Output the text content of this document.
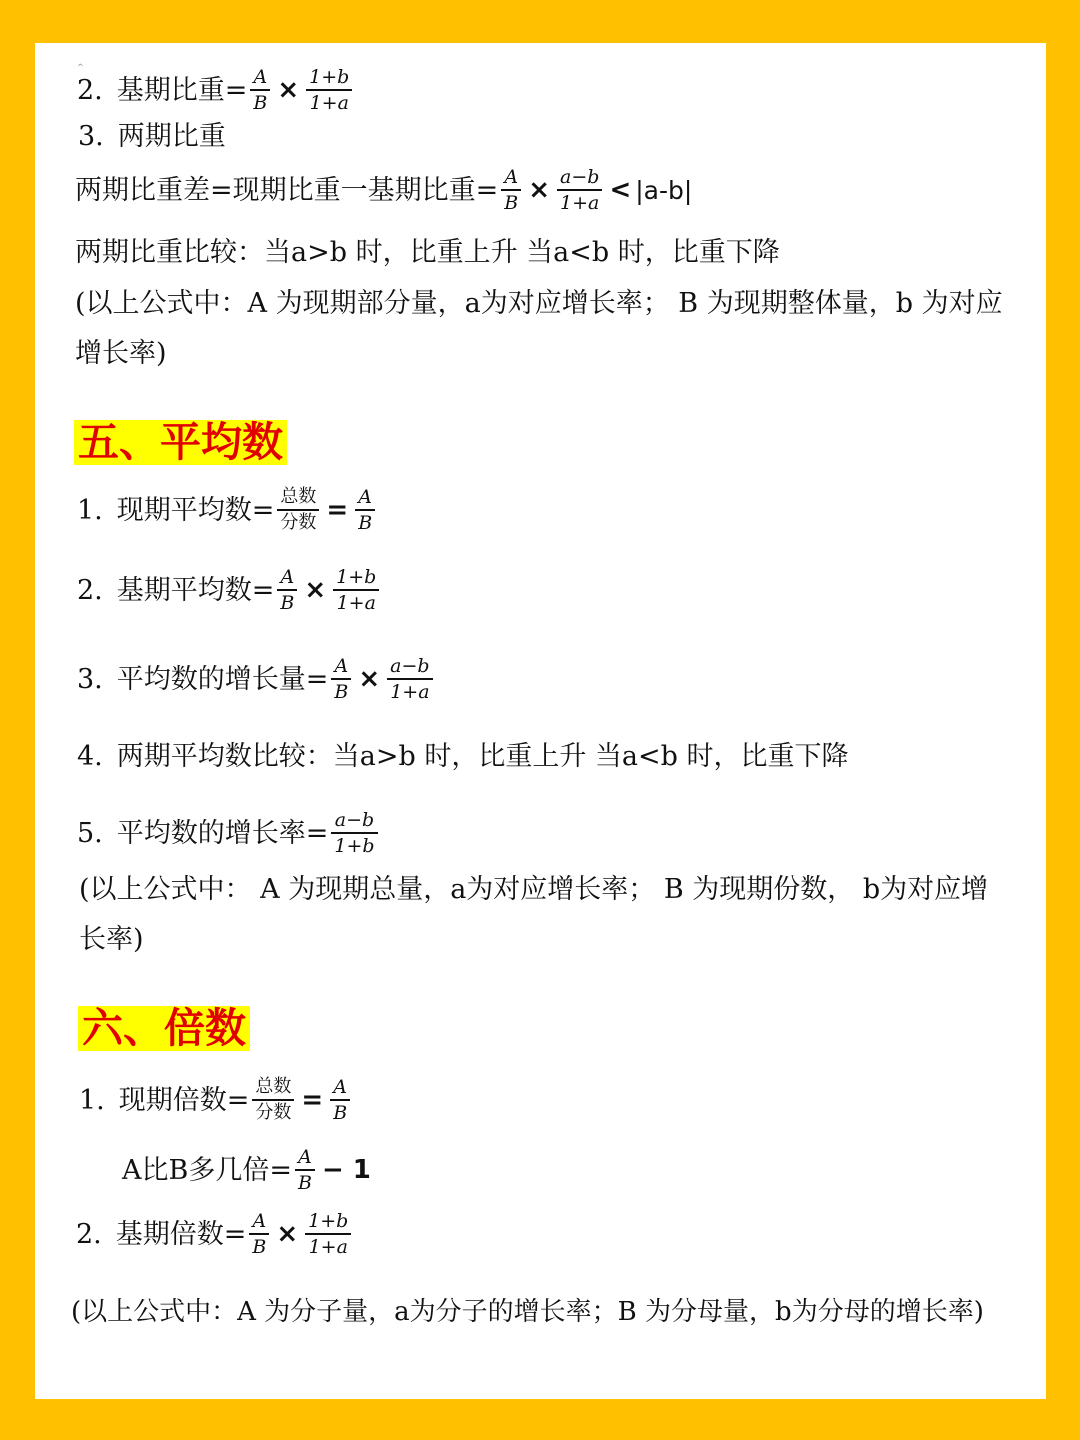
^
2. 基期比重= $\frac{A}{B} \times \frac{1+b}{1+a}$
3. 两期比重
两期比重差=现期比重一基期比重= $\frac{A}{B} \times \frac{a-b}{1+a} < |a-b|$
两期比重比较：当a>b 时，比重上升 当a<b 时，比重下降
(以上公式中：A 为现期部分量，a为对应增长率； B 为现期整体量，b 为对应增长率)
五、平均数
1. 现期平均数= $\frac{\text{总数}}{\text{分数}} = \frac{A}{B}$
2. 基期平均数= $\frac{A}{B} \times \frac{1+b}{1+a}$
3. 平均数的增长量= $\frac{A}{B} \times \frac{a-b}{1+a}$
4. 两期平均数比较：当a>b 时，比重上升 当a<b 时，比重下降
5. 平均数的增长率= $\frac{a-b}{1+b}$
(以上公式中： A 为现期总量，a为对应增长率； B 为现期份数， b为对应增长率)
六、倍数
1. 现期倍数= $\frac{\text{总数}}{\text{分数}} = \frac{A}{B}$
A比B多几倍= $\frac{A}{B} - 1$
2. 基期倍数= $\frac{A}{B} \times \frac{1+b}{1+a}$
(以上公式中：A 为分子量，a为分子的增长率；B 为分母量，b为分母的增长率)
